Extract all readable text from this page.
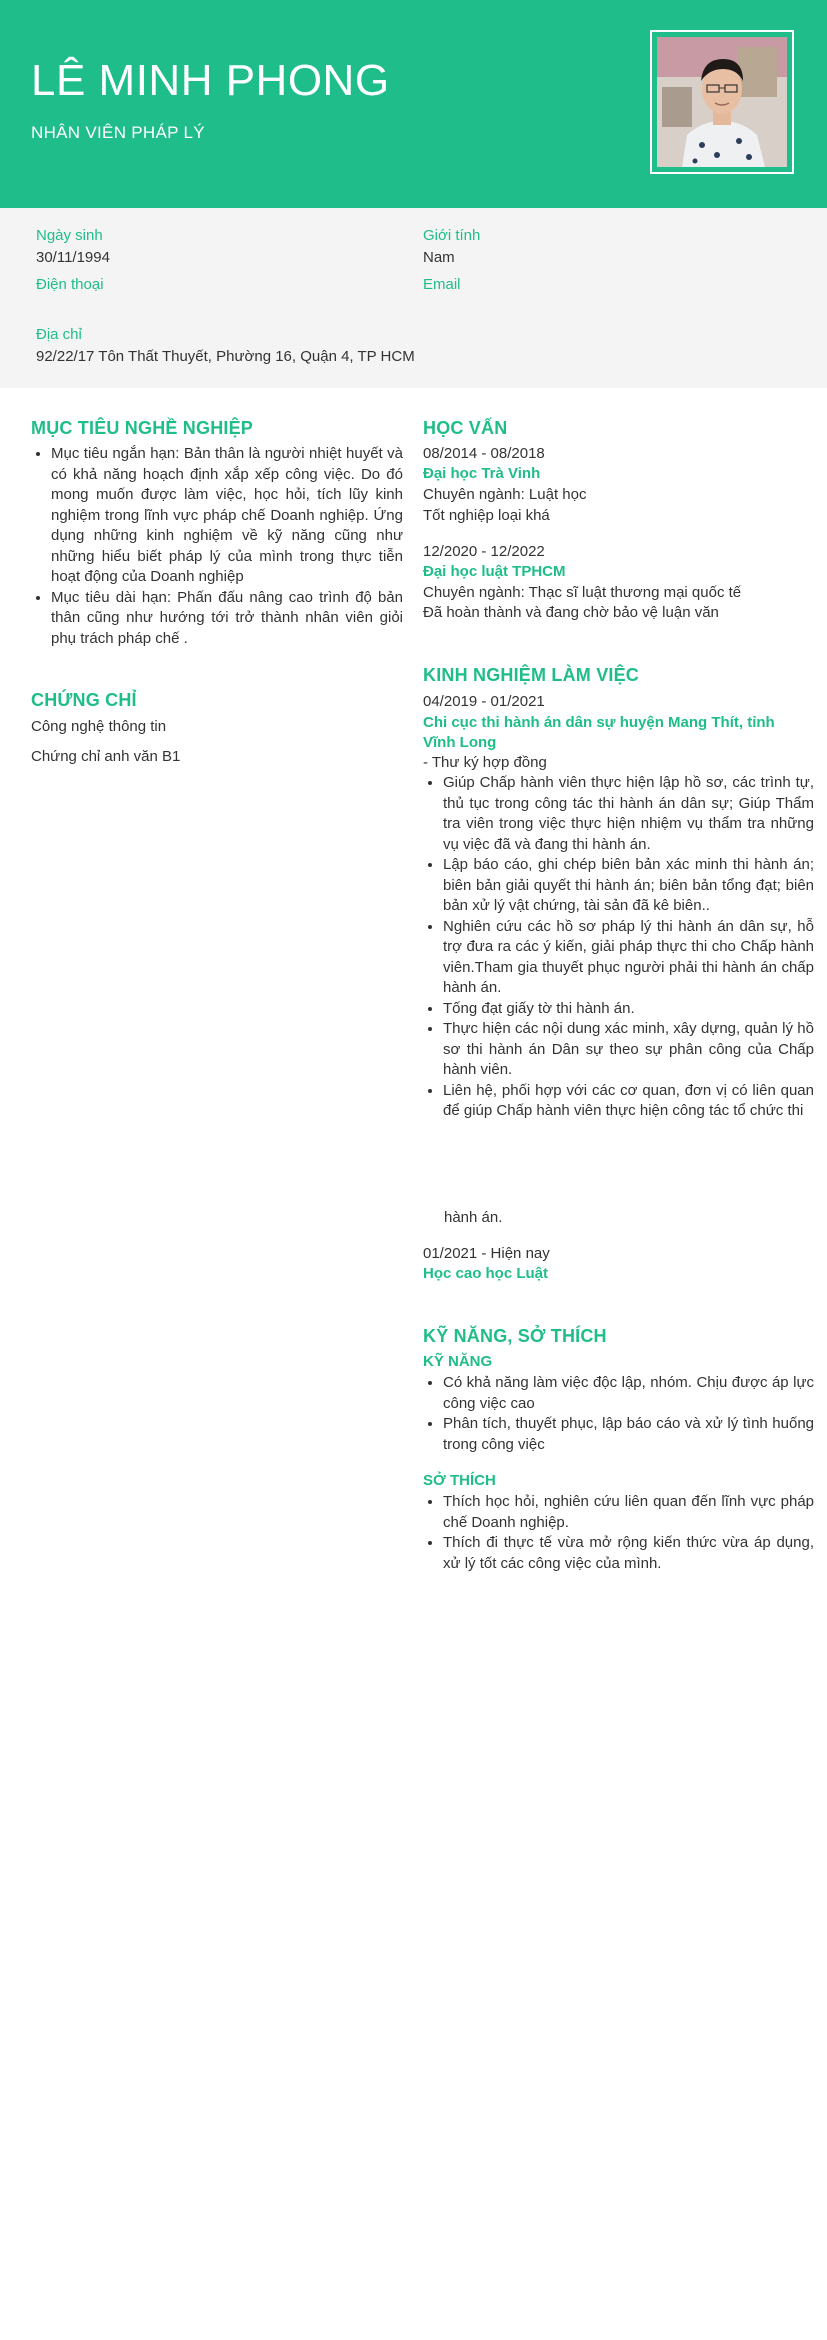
LÊ MINH PHONG
NHÂN VIÊN PHÁP LÝ
Ngày sinh
30/11/1994
Giới tính
Nam
Điện thoại	Email
Địa chỉ
92/22/17 Tôn Thất Thuyết, Phường 16, Quận 4, TP HCM
MỤC TIÊU NGHỀ NGHIỆP
• Mục tiêu ngắn hạn: Bản thân là người nhiệt huyết và có khả năng hoạch định xắp xếp công việc. Do đó mong muốn được làm việc, học hỏi, tích lũy kinh nghiệm trong lĩnh vực pháp chế Doanh nghiệp. Ứng dụng những kinh nghiệm về kỹ năng cũng như những hiểu biết pháp lý của mình trong thực tiễn hoạt động của Doanh nghiệp
• Mục tiêu dài hạn: Phấn đấu nâng cao trình độ bản thân cũng như hướng tới trở thành nhân viên giỏi phụ trách pháp chế .
CHỨNG CHỈ
Công nghệ thông tin
Chứng chỉ anh văn B1
HỌC VẤN
08/2014 - 08/2018
Đại học Trà Vinh
Chuyên ngành: Luật học
Tốt nghiệp loại khá
12/2020 - 12/2022
Đại học luật TPHCM
Chuyên ngành: Thạc sĩ luật thương mại quốc tế
Đã hoàn thành và đang chờ bảo vệ luận văn
KINH NGHIỆM LÀM VIỆC
04/2019 - 01/2021
Chi cục thi hành án dân sự huyện Mang Thít, tỉnh Vĩnh Long
- Thư ký hợp đồng
• Giúp Chấp hành viên thực hiện lập hồ sơ, các trình tự, thủ tục trong công tác thi hành án dân sự; Giúp Thẩm tra viên trong việc thực hiện nhiệm vụ thẩm tra những vụ việc đã và đang thi hành án.
• Lập báo cáo, ghi chép biên bản xác minh thi hành án; biên bản giải quyết thi hành án; biên bản tổng đạt; biên bản xử lý vật chứng, tài sản đã kê biên..
• Nghiên cứu các hồ sơ pháp lý thi hành án dân sự, hỗ trợ đưa ra các ý kiến, giải pháp thực thi cho Chấp hành viên.Tham gia thuyết phục người phải thi hành án chấp hành án.
• Tống đạt giấy tờ thi hành án.
• Thực hiện các nội dung xác minh, xây dựng, quản lý hồ sơ thi hành án Dân sự theo sự phân công của Chấp hành viên.
• Liên hệ, phối hợp với các cơ quan, đơn vị có liên quan để giúp Chấp hành viên thực hiện công tác tổ chức thi
hành án.
01/2021 - Hiện nay
Học cao học Luật
KỸ NĂNG, SỞ THÍCH
KỸ NĂNG
• Có khả năng làm việc độc lập, nhóm. Chịu được áp lực công việc cao
• Phân tích, thuyết phục, lập báo cáo và xử lý tình huống trong công việc
SỞ THÍCH
• Thích học hỏi, nghiên cứu liên quan đến lĩnh vực pháp chế Doanh nghiệp.
• Thích đi thực tế vừa mở rộng kiến thức vừa áp dụng, xử lý tốt các công việc của mình.
